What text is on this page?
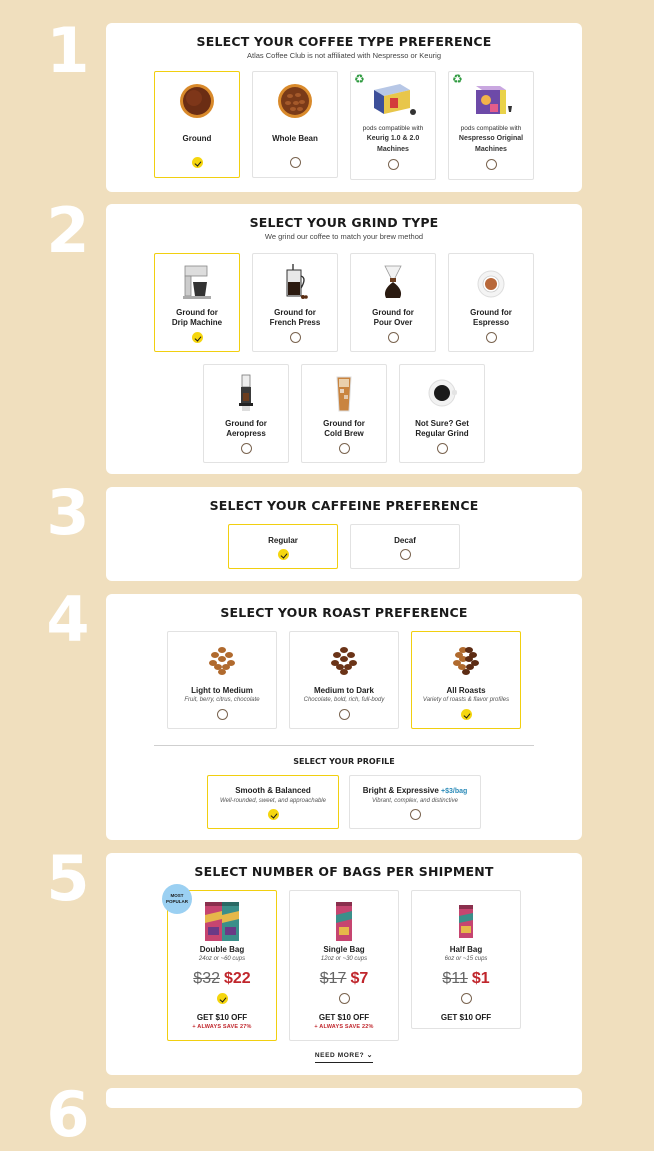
1	SELECT YOUR COFFEE TYPE PREFERENCE
Atlas Coffee Club is not affiliated with Nespresso or Keurig
Ground	Whole Bean
♻
pods compatible with
Keurig 1.0 & 2.0
Machines
♻
pods compatible with
Nespresso Original
Machines
2	SELECT YOUR GRIND TYPE
We grind our coffee to match your brew method
Ground for
Drip Machine
Ground for
French Press
Ground for
Pour Over
Ground for
Espresso
Ground for
Aeropress
Ground for
Cold Brew
Not Sure? Get
Regular Grind
3	SELECT YOUR CAFFEINE PREFERENCE
Regular	Decaf
4	SELECT YOUR ROAST PREFERENCE
Light to Medium
Fruit, berry, citrus, chocolate
Medium to Dark
Chocolate, bold, rich, full-body
All Roasts
Variety of roasts & flavor profiles
SELECT YOUR PROFILE
Smooth & Balanced
Well-rounded, sweet, and approachable
Bright & Expressive +$3/bag
Vibrant, complex, and distinctive
5	SELECT NUMBER OF BAGS PER SHIPMENT
MOST POPULAR
Double Bag
24oz or ~60 cups
$32 $22
GET $10 OFF
+ ALWAYS SAVE 27%
Single Bag
12oz or ~30 cups
$17 $7
GET $10 OFF
+ ALWAYS SAVE 22%
Half Bag
6oz or ~15 cups
$11 $1
GET $10 OFF
NEED MORE? ⌄
6
